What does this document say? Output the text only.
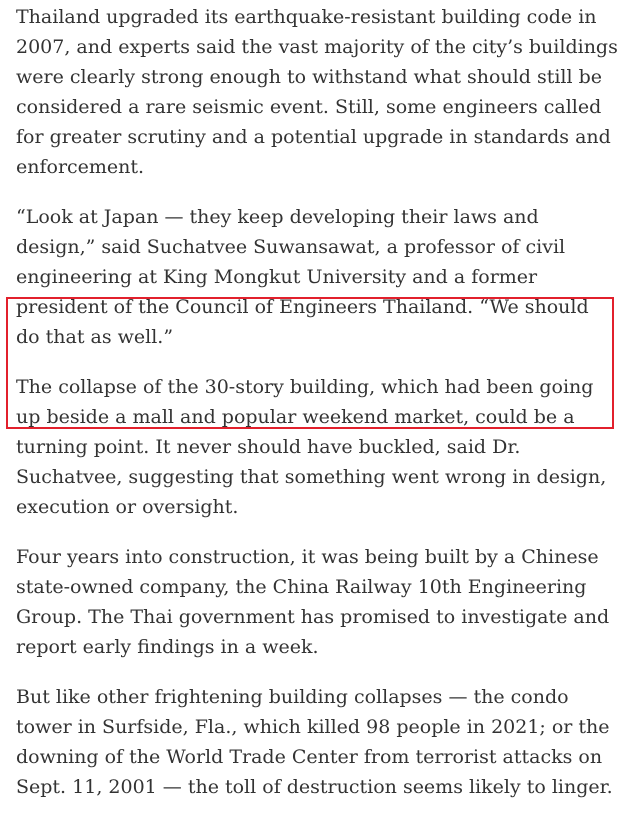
Thailand upgraded its earthquake-resistant building code in 2007, and experts said the vast majority of the city’s buildings were clearly strong enough to withstand what should still be considered a rare seismic event. Still, some engineers called for greater scrutiny and a potential upgrade in standards and enforcement.

“Look at Japan — they keep developing their laws and design,” said Suchatvee Suwansawat, a professor of civil engineering at King Mongkut University and a former president of the Council of Engineers Thailand. “We should do that as well.”

The collapse of the 30-story building, which had been going up beside a mall and popular weekend market, could be a turning point. It never should have buckled, said Dr. Suchatvee, suggesting that something went wrong in design, execution or oversight.

Four years into construction, it was being built by a Chinese state-owned company, the China Railway 10th Engineering Group. The Thai government has promised to investigate and report early findings in a week.

But like other frightening building collapses — the condo tower in Surfside, Fla., which killed 98 people in 2021; or the downing of the World Trade Center from terrorist attacks on Sept. 11, 2001 — the toll of destruction seems likely to linger.
